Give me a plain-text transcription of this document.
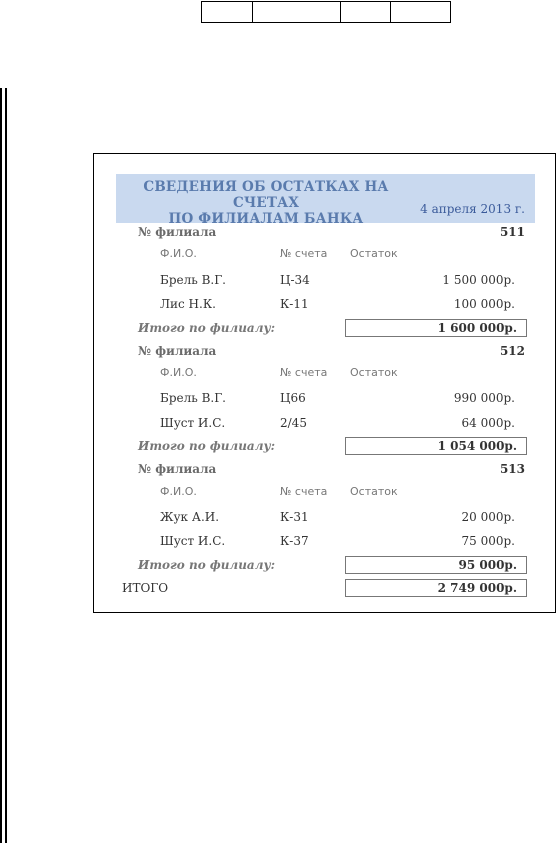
СВЕДЕНИЯ ОБ ОСТАТКАХ НА СЧЕТАХ
ПО ФИЛИАЛАМ БАНКА
4 апреля 2013 г.
№ филиала	511
Ф.И.О.	№ счета Остаток
Брель В.Г.	Ц-34	1 500 000р.
Лис Н.К.	К-11	100 000р.
Итого по филиалу:	1 600 000р.
№ филиала	512
Ф.И.О.	№ счета Остаток
Брель В.Г.	Ц66	990 000р.
Шуст И.С.	2/45	64 000р.
Итого по филиалу:	1 054 000р.
№ филиала	513
Ф.И.О.	№ счета Остаток
Жук А.И.	К-31	20 000р.
Шуст И.С.	К-37	75 000р.
Итого по филиалу:	95 000р.
ИТОГО	2 749 000р.
